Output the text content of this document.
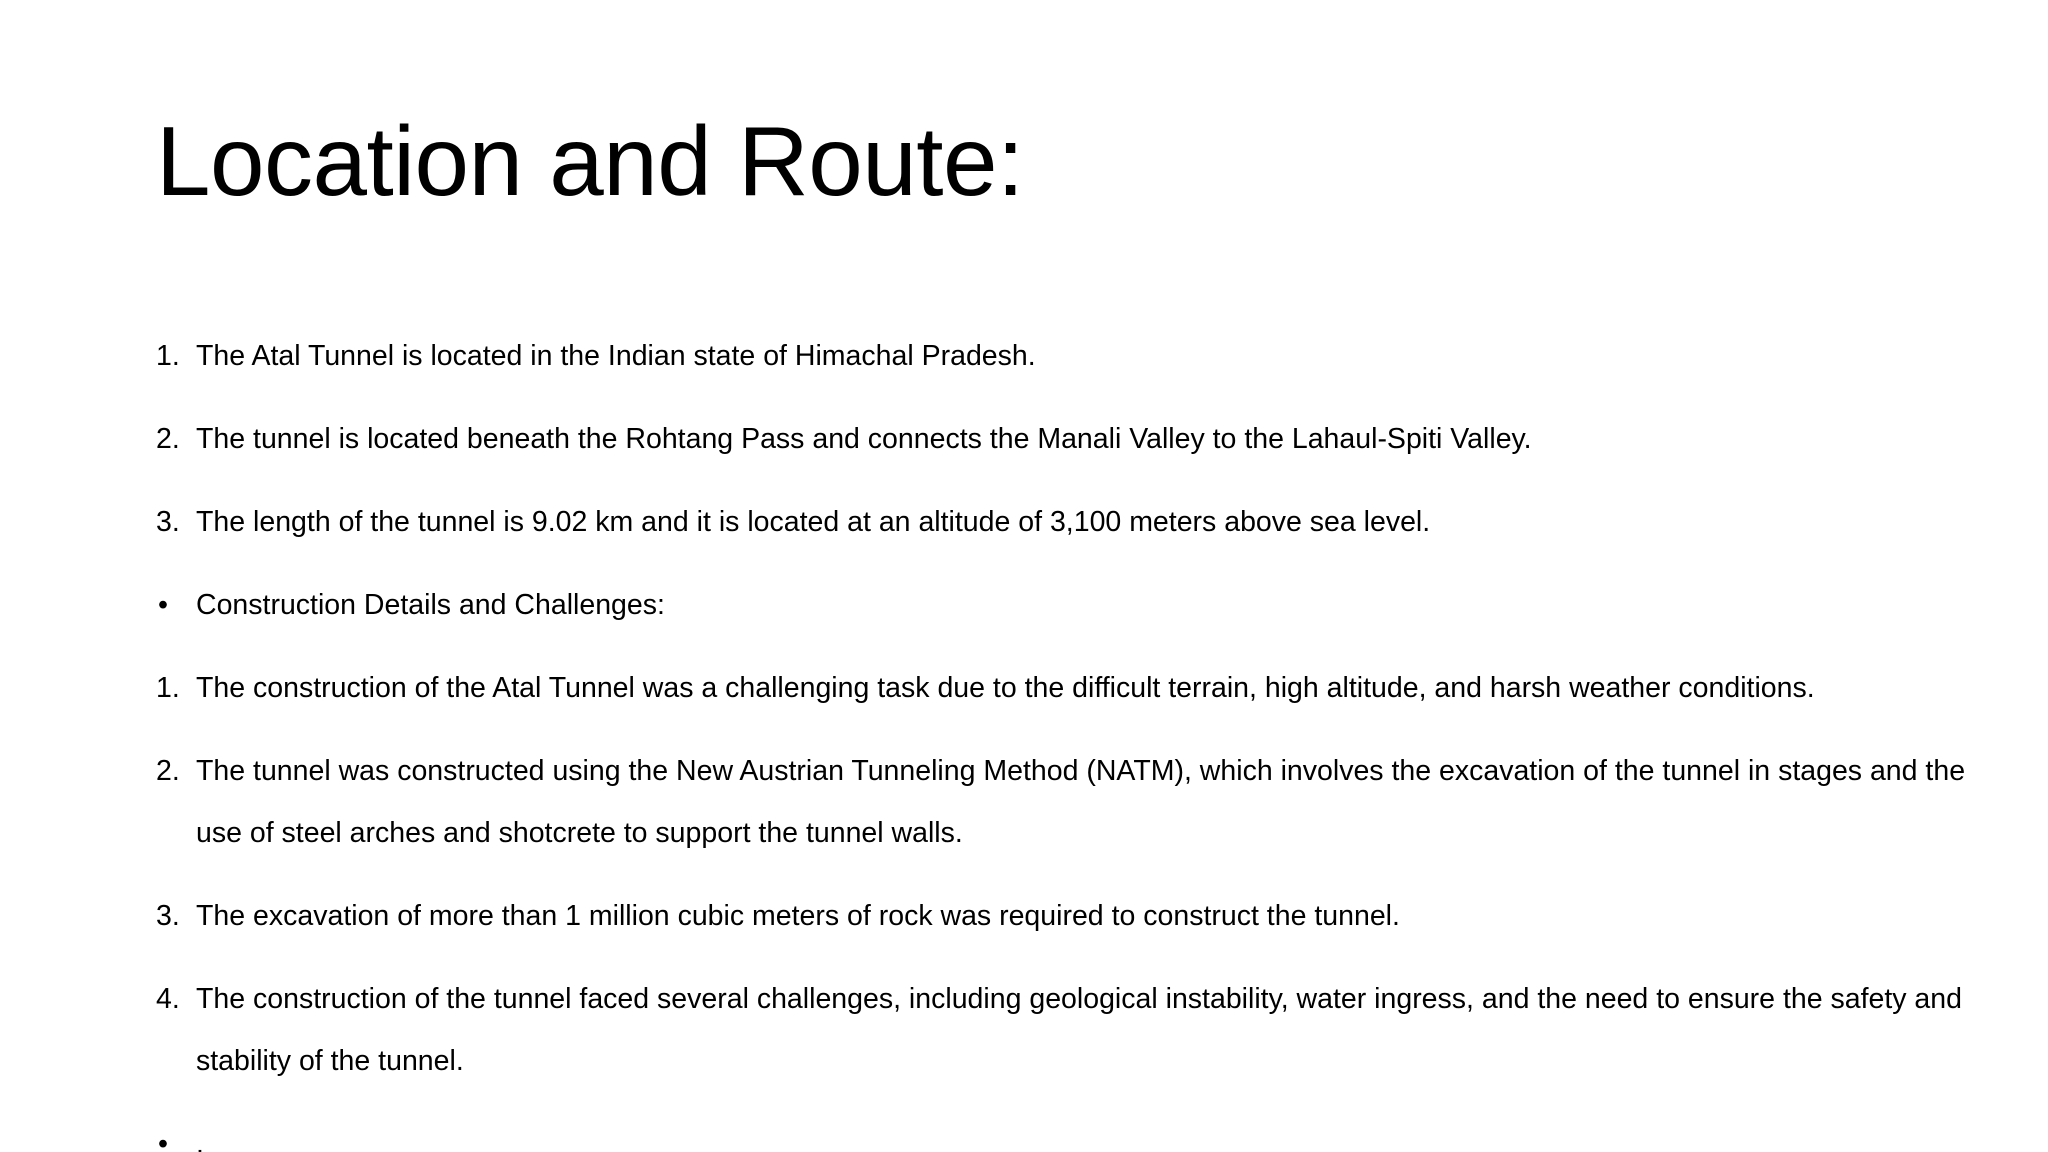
Location and Route:
1. The Atal Tunnel is located in the Indian state of Himachal Pradesh.
2. The tunnel is located beneath the Rohtang Pass and connects the Manali Valley to the Lahaul-Spiti Valley.
3. The length of the tunnel is 9.02 km and it is located at an altitude of 3,100 meters above sea level.
• Construction Details and Challenges:
1. The construction of the Atal Tunnel was a challenging task due to the difficult terrain, high altitude, and harsh weather conditions.
2. The tunnel was constructed using the New Austrian Tunneling Method (NATM), which involves the excavation of the tunnel in stages and the use of steel arches and shotcrete to support the tunnel walls.
3. The excavation of more than 1 million cubic meters of rock was required to construct the tunnel.
4. The construction of the tunnel faced several challenges, including geological instability, water ingress, and the need to ensure the safety and stability of the tunnel.
• .
